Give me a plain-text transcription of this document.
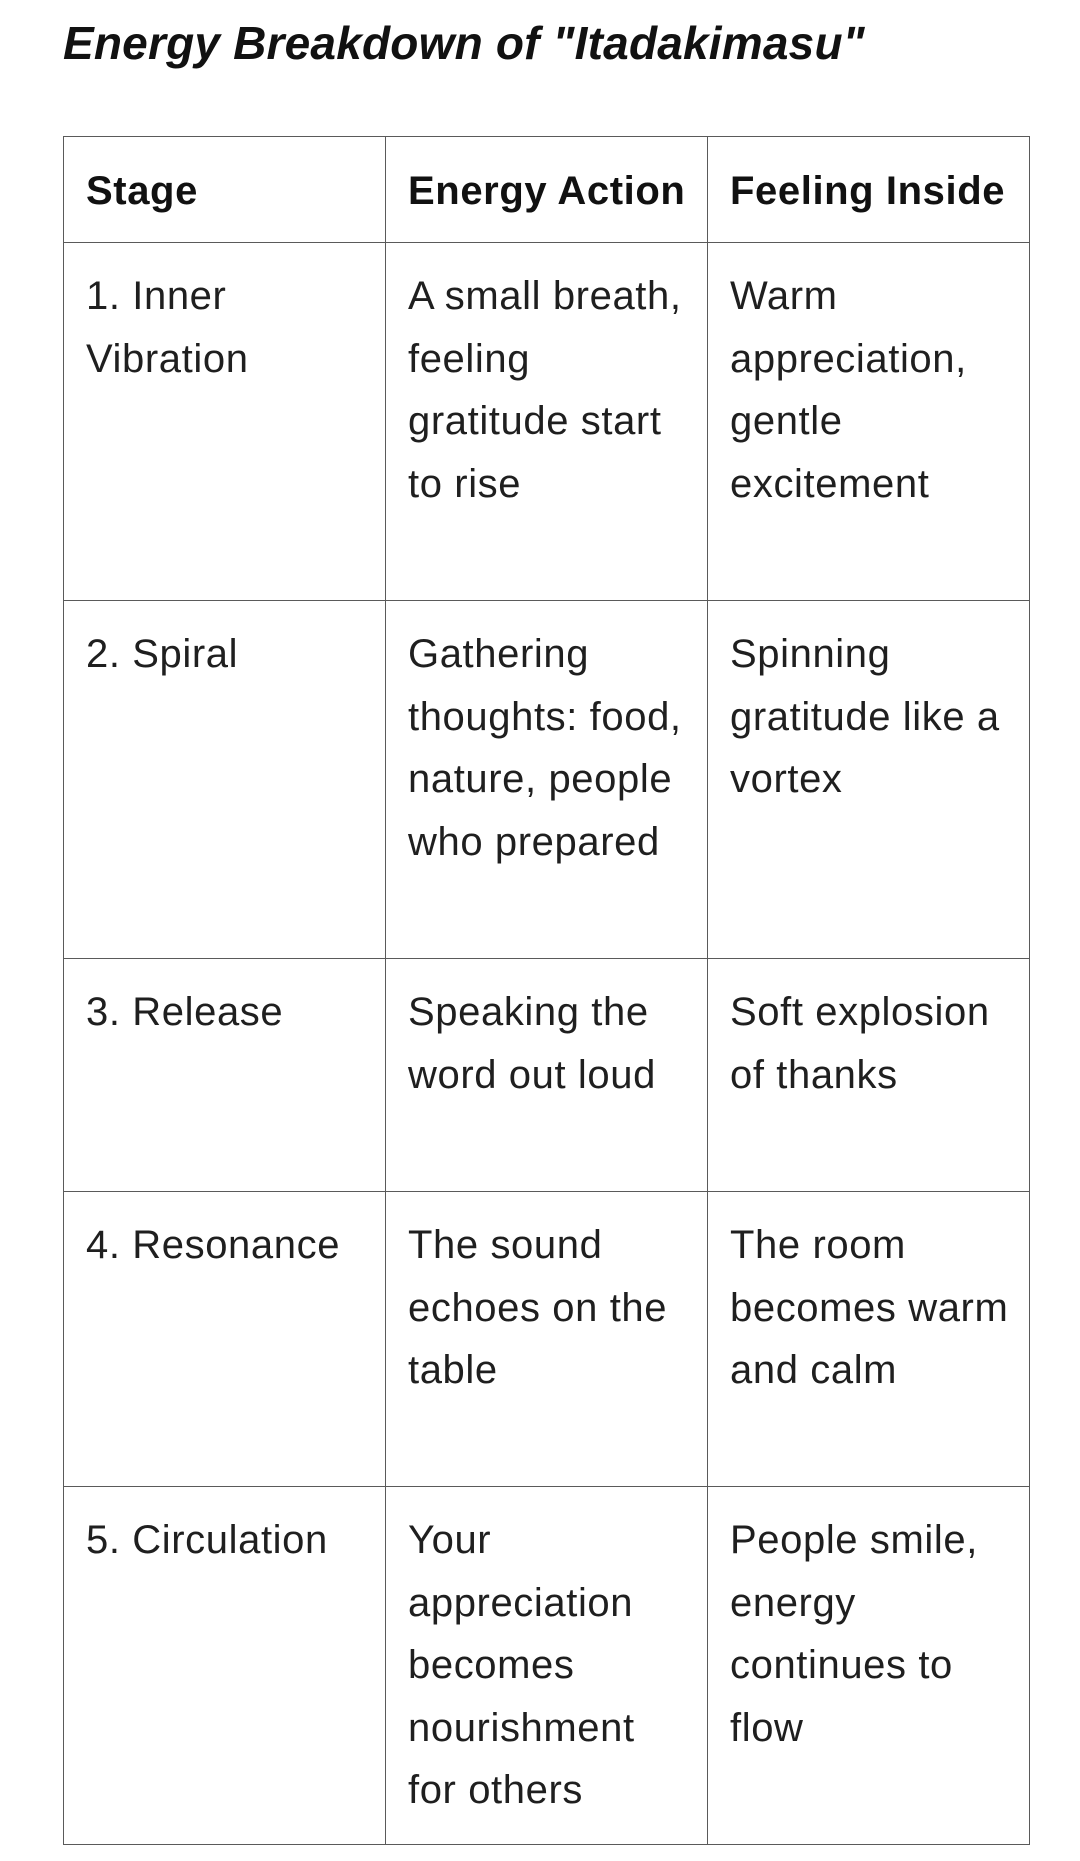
Energy Breakdown of "Itadakimasu"
Stage	Energy Action	Feeling Inside
1. Inner Vibration	A small breath, feeling gratitude start to rise	Warm appreciation, gentle excitement
2. Spiral	Gathering thoughts: food, nature, people who prepared	Spinning gratitude like a vortex
3. Release	Speaking the word out loud	Soft explosion of thanks
4. Resonance	The sound echoes on the table	The room becomes warm and calm
5. Circulation	Your appreciation becomes nourishment for others	People smile, energy continues to flow
